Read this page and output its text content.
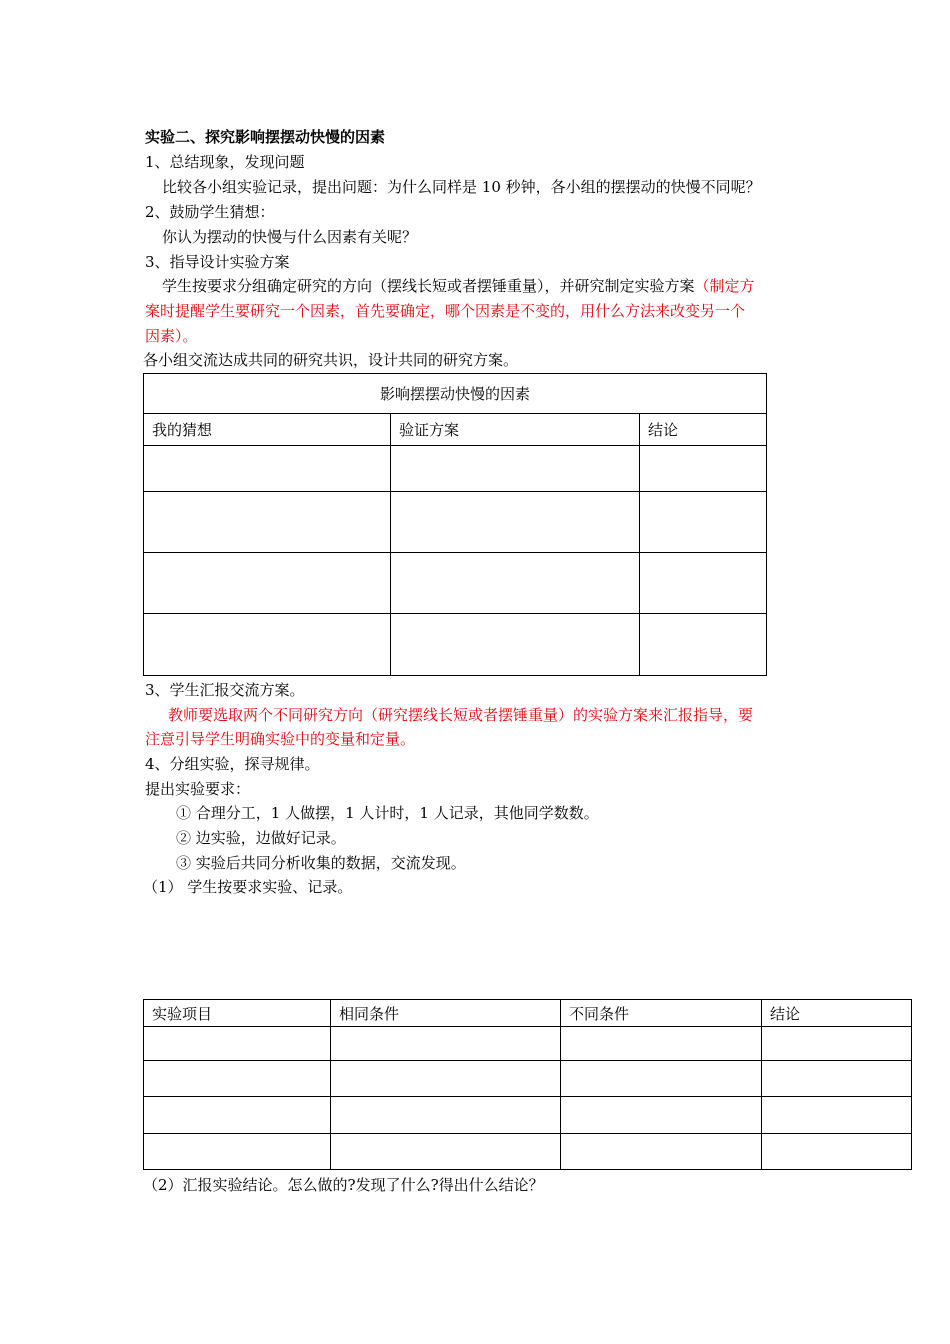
实验二、探究影响摆摆动快慢的因素
1、总结现象，发现问题
比较各小组实验记录，提出问题：为什么同样是 10 秒钟，各小组的摆摆动的快慢不同呢？
2、鼓励学生猜想：
你认为摆动的快慢与什么因素有关呢？
3、指导设计实验方案
学生按要求分组确定研究的方向（摆线长短或者摆锤重量），并研究制定实验方案（制定方
案时提醒学生要研究一个因素，首先要确定，哪个因素是不变的，用什么方法来改变另一个
因素）。
各小组交流达成共同的研究共识，设计共同的研究方案。
影响摆摆动快慢的因素		
我的猜想	验证方案	结论

3、学生汇报交流方案。
教师要选取两个不同研究方向（研究摆线长短或者摆锤重量）的实验方案来汇报指导，要
注意引导学生明确实验中的变量和定量。
4、分组实验，探寻规律。
提出实验要求：
① 合理分工，1 人做摆，1 人计时，1 人记录，其他同学数数。
② 边实验，边做好记录。
③ 实验后共同分析收集的数据，交流发现。
（1） 学生按要求实验、记录。
实验项目	相同条件	不同条件	结论

（2）汇报实验结论。怎么做的?发现了什么?得出什么结论？
